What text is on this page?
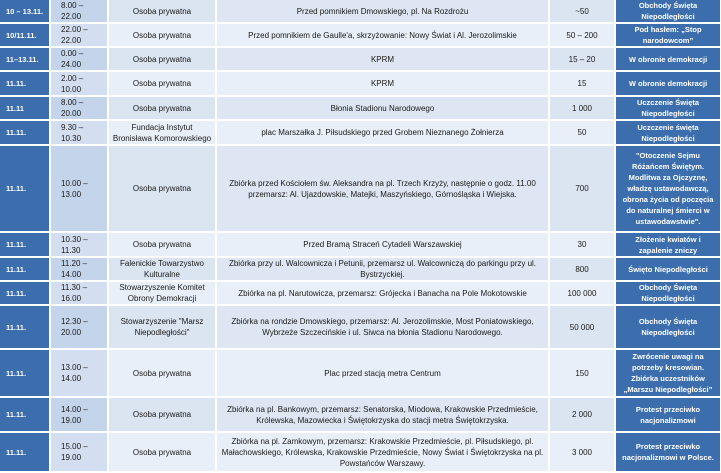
10 – 13.11.	8.00 – 22.00	Osoba prywatna	Przed pomnikiem Dmowskiego, pl. Na Rozdrożu	~50	Obchody Święta Niepodległości
10/11.11.	22.00 – 22.00	Osoba prywatna	Przed pomnikiem de Gaulle'a, skrzyżowanie: Nowy Świat i Al. Jerozolimskie	50 – 200	Pod hasłem: „Stop narodowcom”
11–13.11.	0.00 – 24.00	Osoba prywatna	KPRM	15 – 20	W obronie demokracji
11.11.	2.00 – 10.00	Osoba prywatna	KPRM	15	W obronie demokracji
11.11	8.00 – 20.00	Osoba prywatna	Błonia Stadionu Narodowego	1 000	Uczczenie Święta Niepodległości
11.11.	9.30 – 10.30	Fundacja Instytut Bronisława Komorowskiego	plac Marszałka J. Piłsudskiego przed Grobem Nieznanego Żołnierza	50	Uczczenie święta Niepodległości
11.11.	10.00 – 13.00	Osoba prywatna	Zbiórka przed Kościołem św. Aleksandra na pl. Trzech Krzyży, następnie o godz. 11.00 przemarsz: Al. Ujazdowskie, Matejki, Maszyńskiego, Górnośląska i Wiejska.	700	"Otoczenie Sejmu Różańcem Świętym. Modlitwa za Ojczyznę, władzę ustawodawczą, obrona życia od poczęcia do naturalnej śmierci w ustawodawstwie".
11.11.	10.30 – 11.30	Osoba prywatna	Przed Bramą Straceń Cytadeli Warszawskiej	30	Złożenie kwiatów i zapalenie zniczy
11.11.	11.20 – 14.00	Falenickie Towarzystwo Kulturalne	Zbiórka przy ul. Walcownicza i Petunii, przemarsz ul. Walcowniczą do parkingu przy ul. Bystrzyckiej.	800	Święto Niepodległości
11.11.	11.30 – 16.00	Stowarzyszenie Komitet Obrony Demokracji	Zbiórka na pl. Narutowicza, przemarsz: Grójecka i Banacha na Pole Mokotowskie	100 000	Obchody Święta Niepodległości
11.11.	12.30 – 20.00	Stowarzyszenie "Marsz Niepodległości"	Zbiórka na rondzie Dmowskiego, przemarsz: Al. Jerozolimskie, Most Poniatowskiego, Wybrzeże Szczecińskie i ul. Siwca na błonia Stadionu Narodowego.	50 000	Obchody Święta Niepodległości
11.11.	13.00 – 14.00	Osoba prywatna	Plac przed stacją metra Centrum	150	Zwrócenie uwagi na potrzeby kresowian. Zbiórka uczestników „Marszu Niepodległości”
11.11.	14.00 – 19.00	Osoba prywatna	Zbiórka na pl. Bankowym, przemarsz: Senatorska, Miodowa, Krakowskie Przedmieście, Królewska, Mazowiecka i Świętokrzyska do stacji metra Świętokrzyska.	2 000	Protest przeciwko nacjonalizmowi
11.11.	15.00 – 19.00	Osoba prywatna	Zbiórka na pl. Zamkowym, przemarsz: Krakowskie Przedmieście, pl. Piłsudskiego, pl. Małachowskiego, Królewska, Krakowskie Przedmieście, Nowy Świat i Świętokrzyska na pl. Powstańców Warszawy.	3 000	Protest przeciwko nacjonalizmowi w Polsce.
